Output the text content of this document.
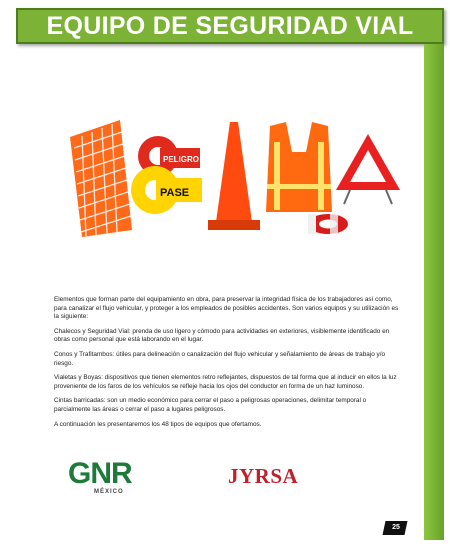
EQUIPO DE SEGURIDAD VIAL
PELIGRO
PASE

Elementos que forman parte del equipamiento en obra, para preservar la integridad física de los trabajadores así como, para canalizar el flujo vehicular, y proteger a los empleados de posibles accidentes. Son varios equipos y su utilización es la siguiente:

Chalecos y Seguridad Vial: prenda de uso ligero y cómodo para actividades en exteriores, visiblemente identificado en obras como personal que está laborando en el lugar.

Conos y Trafitambos: útiles para delineación o canalización del flujo vehicular y señalamiento de áreas de trabajo y/o riesgo.

Vialetas y Boyas: dispositivos que tienen elementos retro reflejantes, dispuestos de tal forma que al inducir en ellos la luz proveniente de los faros de los vehículos se refleje hacia los ojos del conductor en forma de un haz luminoso.

Cintas barricadas: son un medio económico para cerrar el paso a peligrosas operaciones, delimitar temporal o parcialmente las áreas o cerrar el paso a lugares peligrosos.

A continuación les presentaremos los 48 tipos de equipos que ofertamos.

GNR
MÉXICO
JYRSA
25
